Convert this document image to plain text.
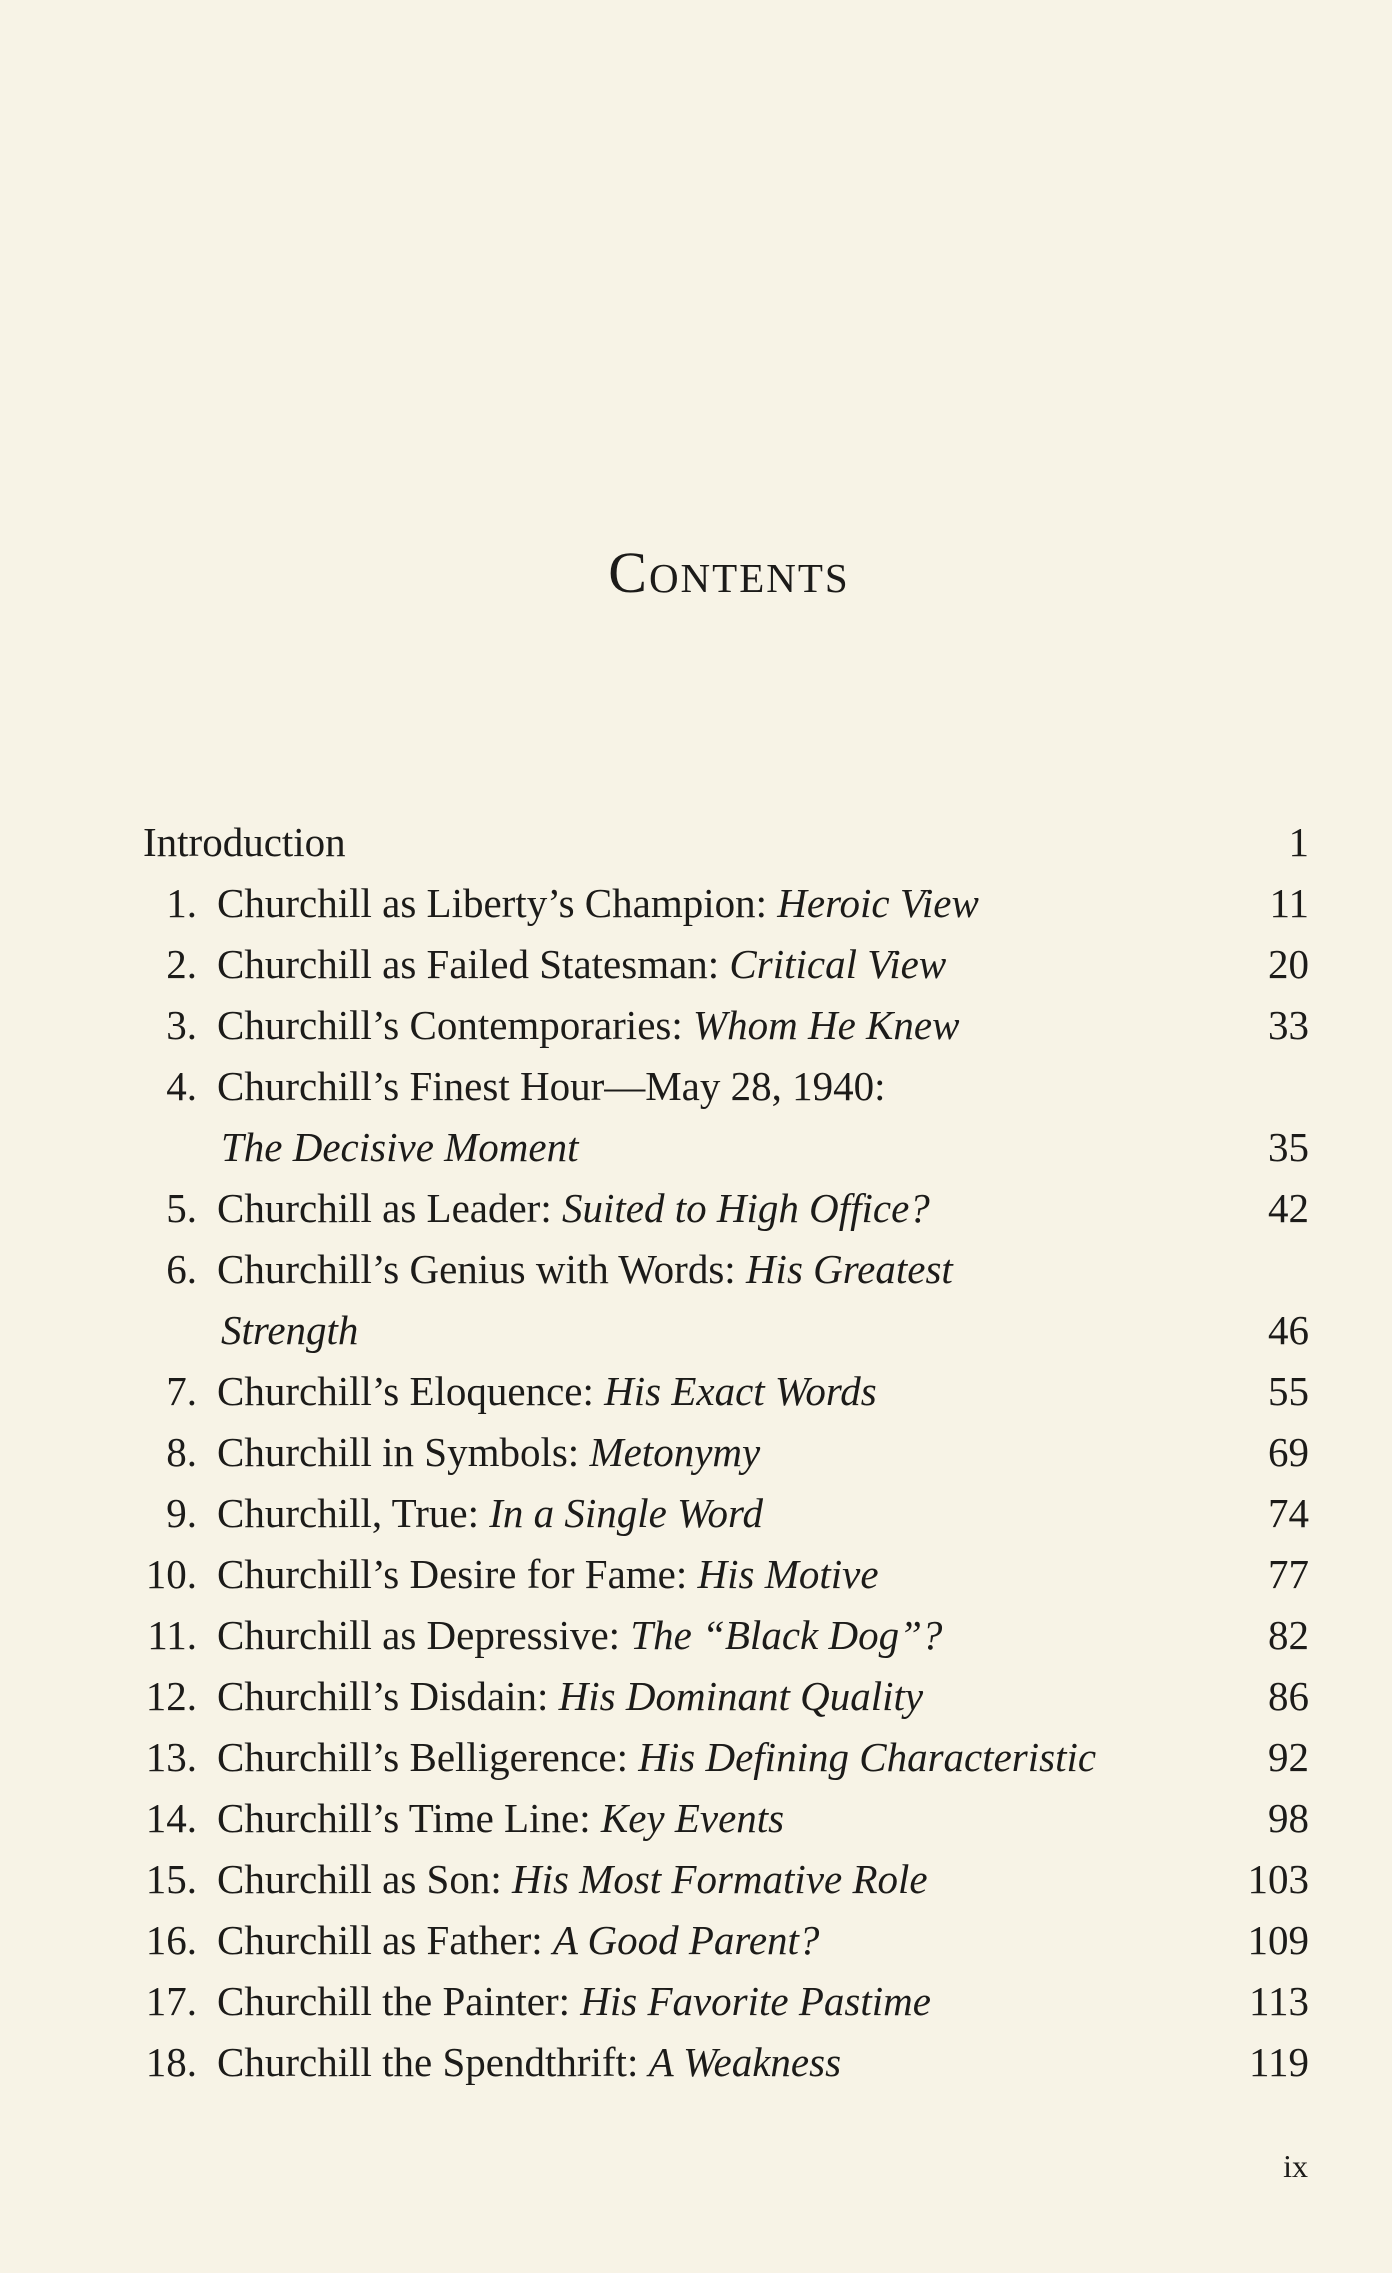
Contents
Introduction	1
1. Churchill as Liberty’s Champion: Heroic View	11
2. Churchill as Failed Statesman: Critical View	20
3. Churchill’s Contemporaries: Whom He Knew	33
4. Churchill’s Finest Hour—May 28, 1940:
The Decisive Moment	35
5. Churchill as Leader: Suited to High Office?	42
6. Churchill’s Genius with Words: His Greatest
Strength	46
7. Churchill’s Eloquence: His Exact Words	55
8. Churchill in Symbols: Metonymy	69
9. Churchill, True: In a Single Word	74
10. Churchill’s Desire for Fame: His Motive	77
11. Churchill as Depressive: The “Black Dog”?	82
12. Churchill’s Disdain: His Dominant Quality	86
13. Churchill’s Belligerence: His Defining Characteristic	92
14. Churchill’s Time Line: Key Events	98
15. Churchill as Son: His Most Formative Role	103
16. Churchill as Father: A Good Parent?	109
17. Churchill the Painter: His Favorite Pastime	113
18. Churchill the Spendthrift: A Weakness	119
ix
